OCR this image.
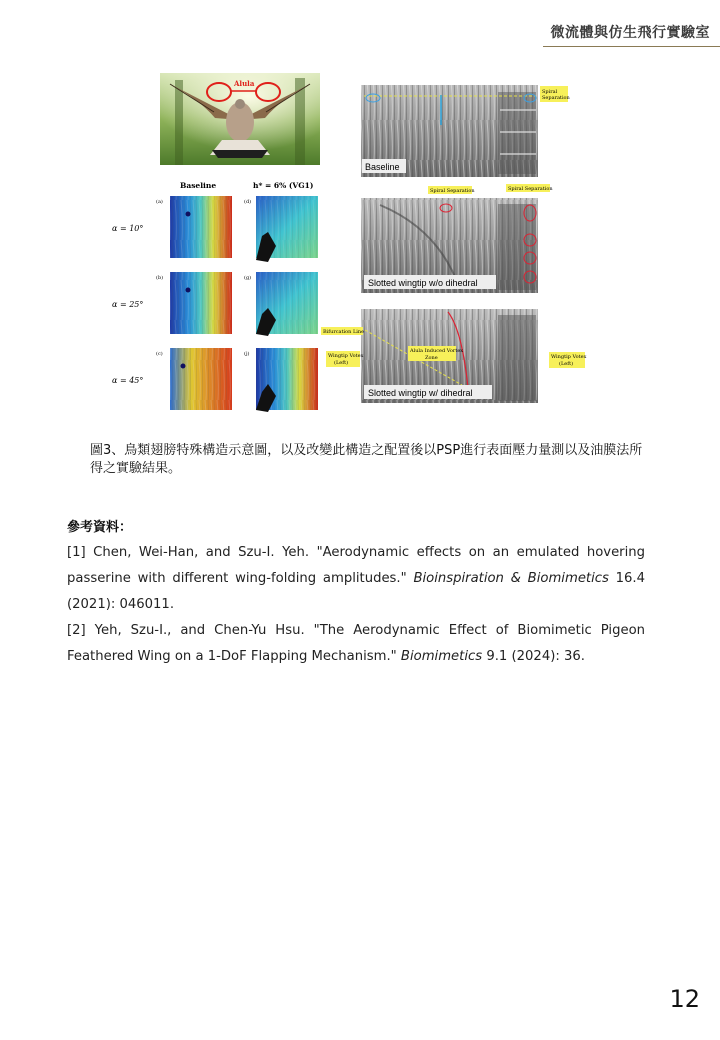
微流體與仿生飛行實驗室
Alula
Baseline	h* = 6% (VG1)
α = 10°
(a)	(d)
α = 25°
(b)	(g)
α = 45°
(c)	(j)
Baseline
Spiral
Separation
Slotted wingtip w/o dihedral
Spiral Separation	Spiral Separation
Slotted wingtip w/ dihedral
Bifurcation Line
Wingtip Votex
(Left)
Alula Induced Vortex
Zone	Wingtip Votex
(Left)
圖3、鳥類翅膀特殊構造示意圖，以及改變此構造之配置後以PSP進行表面壓力量測以及油膜法所得之實驗結果。
參考資料：

[1] Chen, Wei-Han, and Szu-I. Yeh. "Aerodynamic effects on an emulated hovering passerine with different wing-folding amplitudes." Bioinspiration & Biomimetics 16.4 (2021): 046011.

[2] Yeh, Szu-I., and Chen-Yu Hsu. "The Aerodynamic Effect of Biomimetic Pigeon Feathered Wing on a 1-DoF Flapping Mechanism." Biomimetics 9.1 (2024): 36.

12
